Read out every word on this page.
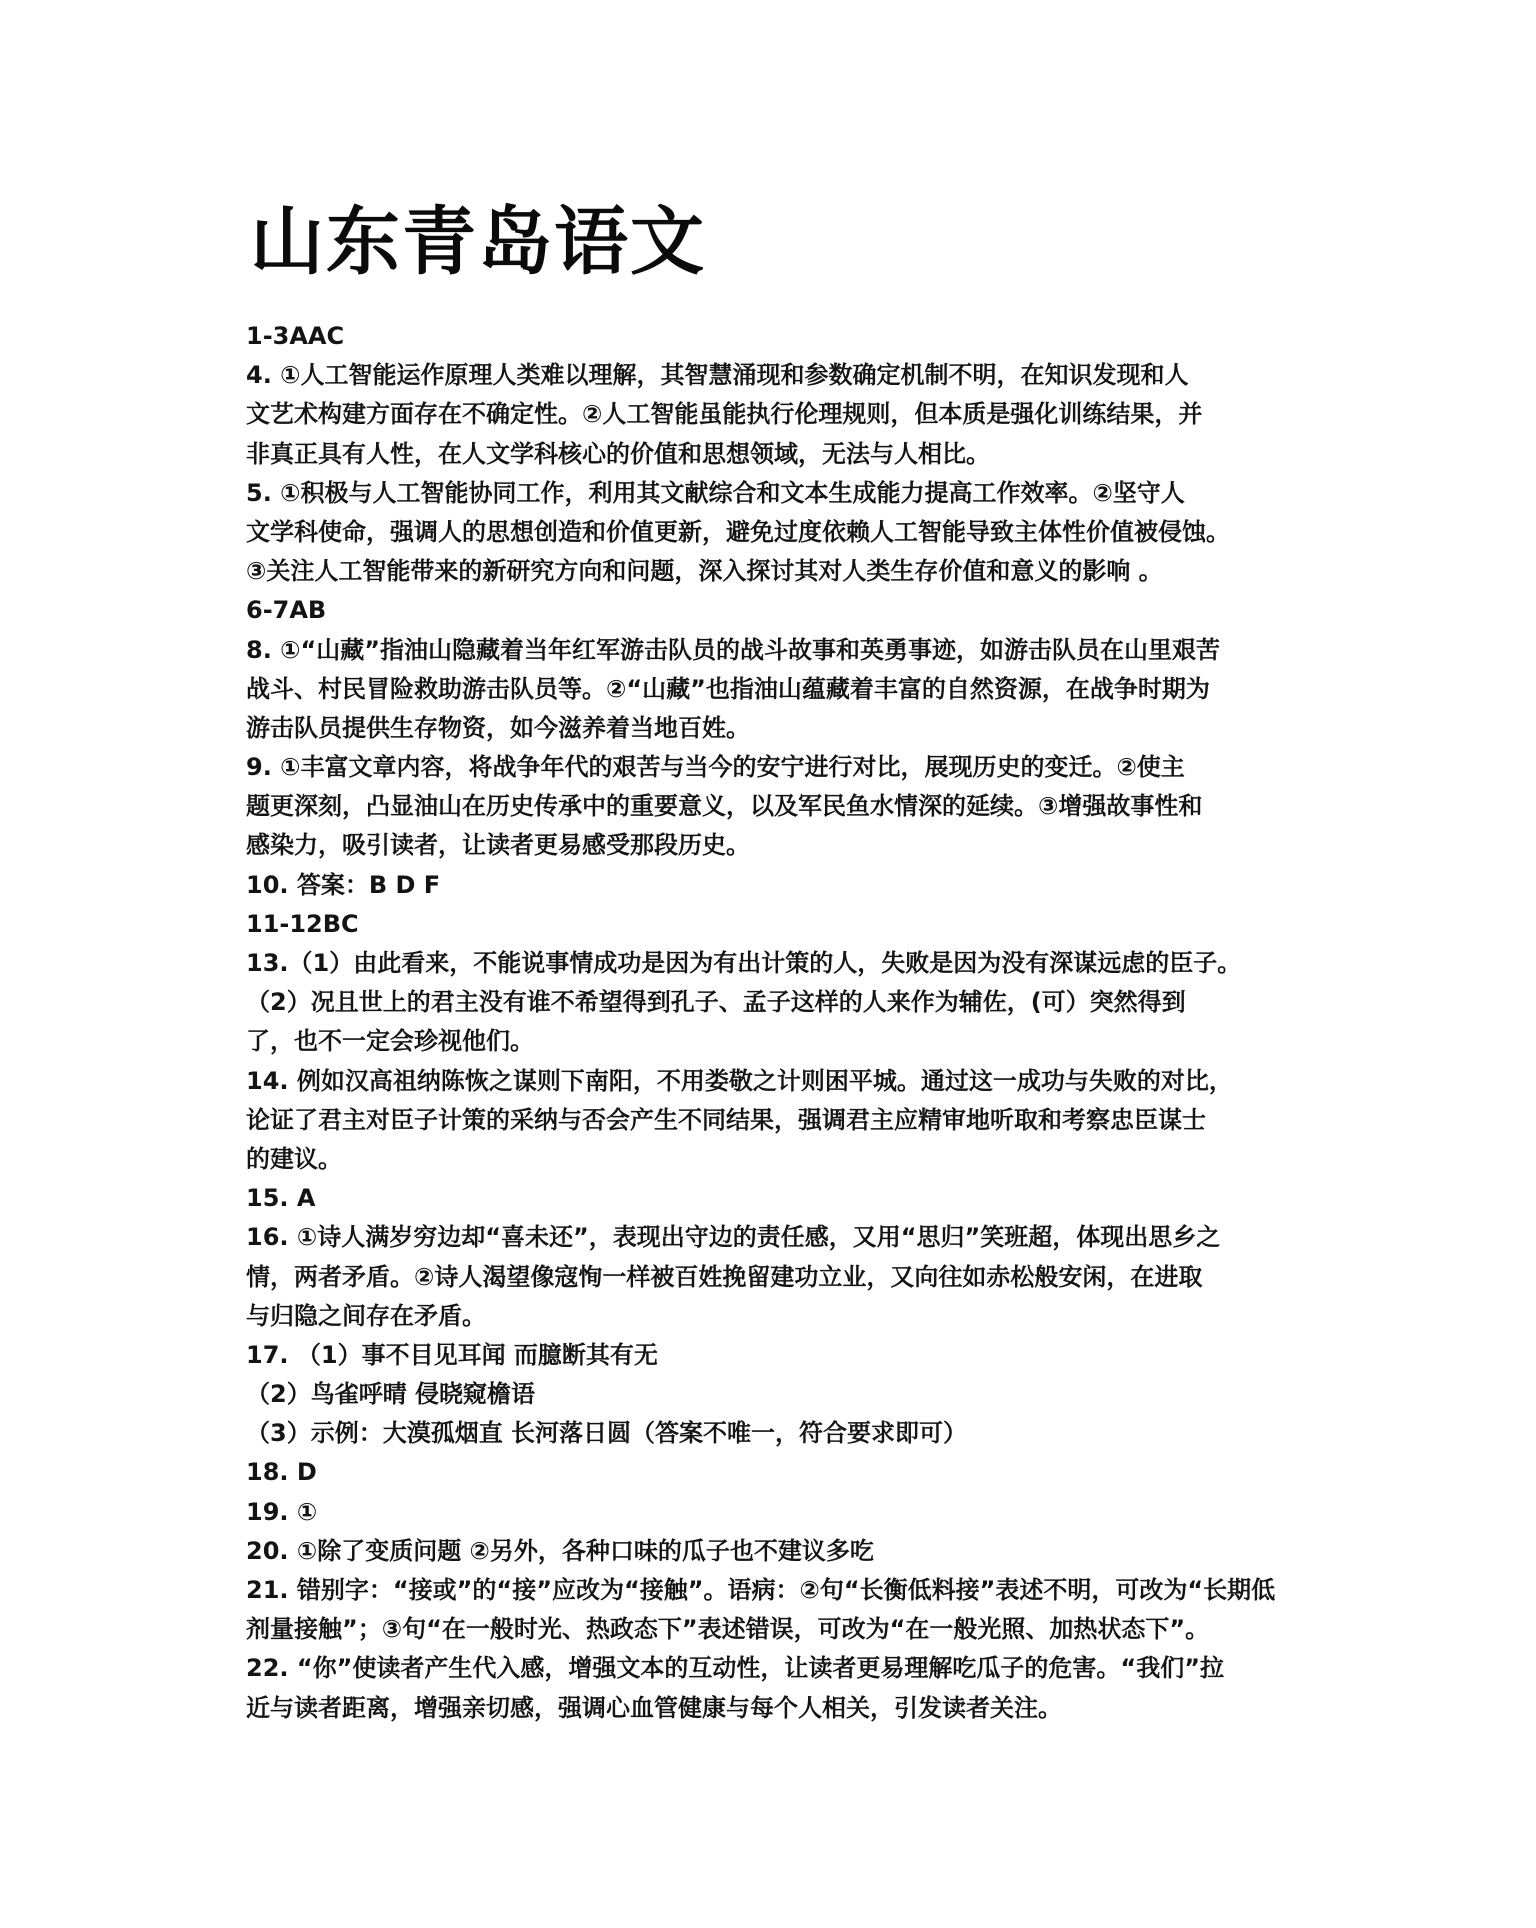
山东青岛语文
1-3AAC
4. ①人工智能运作原理人类难以理解，其智慧涌现和参数确定机制不明，在知识发现和人
文艺术构建方面存在不确定性。②人工智能虽能执行伦理规则，但本质是强化训练结果，并
非真正具有人性，在人文学科核心的价值和思想领域，无法与人相比。
5. ①积极与人工智能协同工作，利用其文献综合和文本生成能力提高工作效率。②坚守人
文学科使命，强调人的思想创造和价值更新，避免过度依赖人工智能导致主体性价值被侵蚀。
③关注人工智能带来的新研究方向和问题，深入探讨其对人类生存价值和意义的影响 。
6-7AB
8. ①“山藏”指油山隐藏着当年红军游击队员的战斗故事和英勇事迹，如游击队员在山里艰苦
战斗、村民冒险救助游击队员等。②“山藏”也指油山蕴藏着丰富的自然资源，在战争时期为
游击队员提供生存物资，如今滋养着当地百姓。
9. ①丰富文章内容，将战争年代的艰苦与当今的安宁进行对比，展现历史的变迁。②使主
题更深刻，凸显油山在历史传承中的重要意义，以及军民鱼水情深的延续。③增强故事性和
感染力，吸引读者，让读者更易感受那段历史。
10. 答案：B D F
11-12BC
13.（1）由此看来，不能说事情成功是因为有出计策的人，失败是因为没有深谋远虑的臣子。
（2）况且世上的君主没有谁不希望得到孔子、孟子这样的人来作为辅佐，(可）突然得到
了，也不一定会珍视他们。
14. 例如汉高祖纳陈恢之谋则下南阳，不用娄敬之计则困平城。通过这一成功与失败的对比，
论证了君主对臣子计策的采纳与否会产生不同结果，强调君主应精审地听取和考察忠臣谋士
的建议。
15. A
16. ①诗人满岁穷边却“喜未还”，表现出守边的责任感，又用“思归”笑班超，体现出思乡之
情，两者矛盾。②诗人渴望像寇恂一样被百姓挽留建功立业，又向往如赤松般安闲，在进取
与归隐之间存在矛盾。
17. （1）事不目见耳闻 而臆断其有无
（2）鸟雀呼晴 侵晓窥檐语
（3）示例：大漠孤烟直 长河落日圆（答案不唯一，符合要求即可）
18. D
19. ①
20. ①除了变质问题 ②另外，各种口味的瓜子也不建议多吃
21. 错别字：“接或”的“接”应改为“接触”。语病：②句“长衡低料接”表述不明，可改为“长期低
剂量接触”；③句“在一般时光、热政态下”表述错误，可改为“在一般光照、加热状态下”。
22. “你”使读者产生代入感，增强文本的互动性，让读者更易理解吃瓜子的危害。“我们”拉
近与读者距离，增强亲切感，强调心血管健康与每个人相关，引发读者关注。
